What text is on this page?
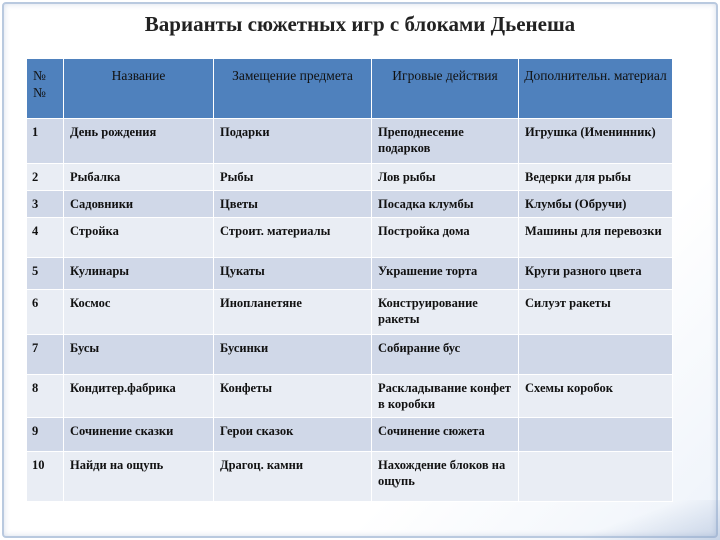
Варианты сюжетных игр с блоками Дьенеша
№ №	Название	Замещение предмета	Игровые действия	Дополнительн. материал
1	День рождения	Подарки	Преподнесение подарков	Игрушка (Именинник)
2	Рыбалка	Рыбы	Лов рыбы	Ведерки для рыбы
3	Садовники	Цветы	Посадка клумбы	Клумбы (Обручи)
4	Стройка	Строит. материалы	Постройка дома	Машины для перевозки
5	Кулинары	Цукаты	Украшение торта	Круги разного цвета
6	Космос	Инопланетяне	Конструирование ракеты	Силуэт ракеты
7	Бусы	Бусинки	Собирание бус	
8	Кондитер.фабрика	Конфеты	Раскладывание конфет в коробки	Схемы коробок
9	Сочинение сказки	Герои сказок	Сочинение сюжета	
10	Найди на ощупь	Драгоц. камни	Нахождение блоков на ощупь	
